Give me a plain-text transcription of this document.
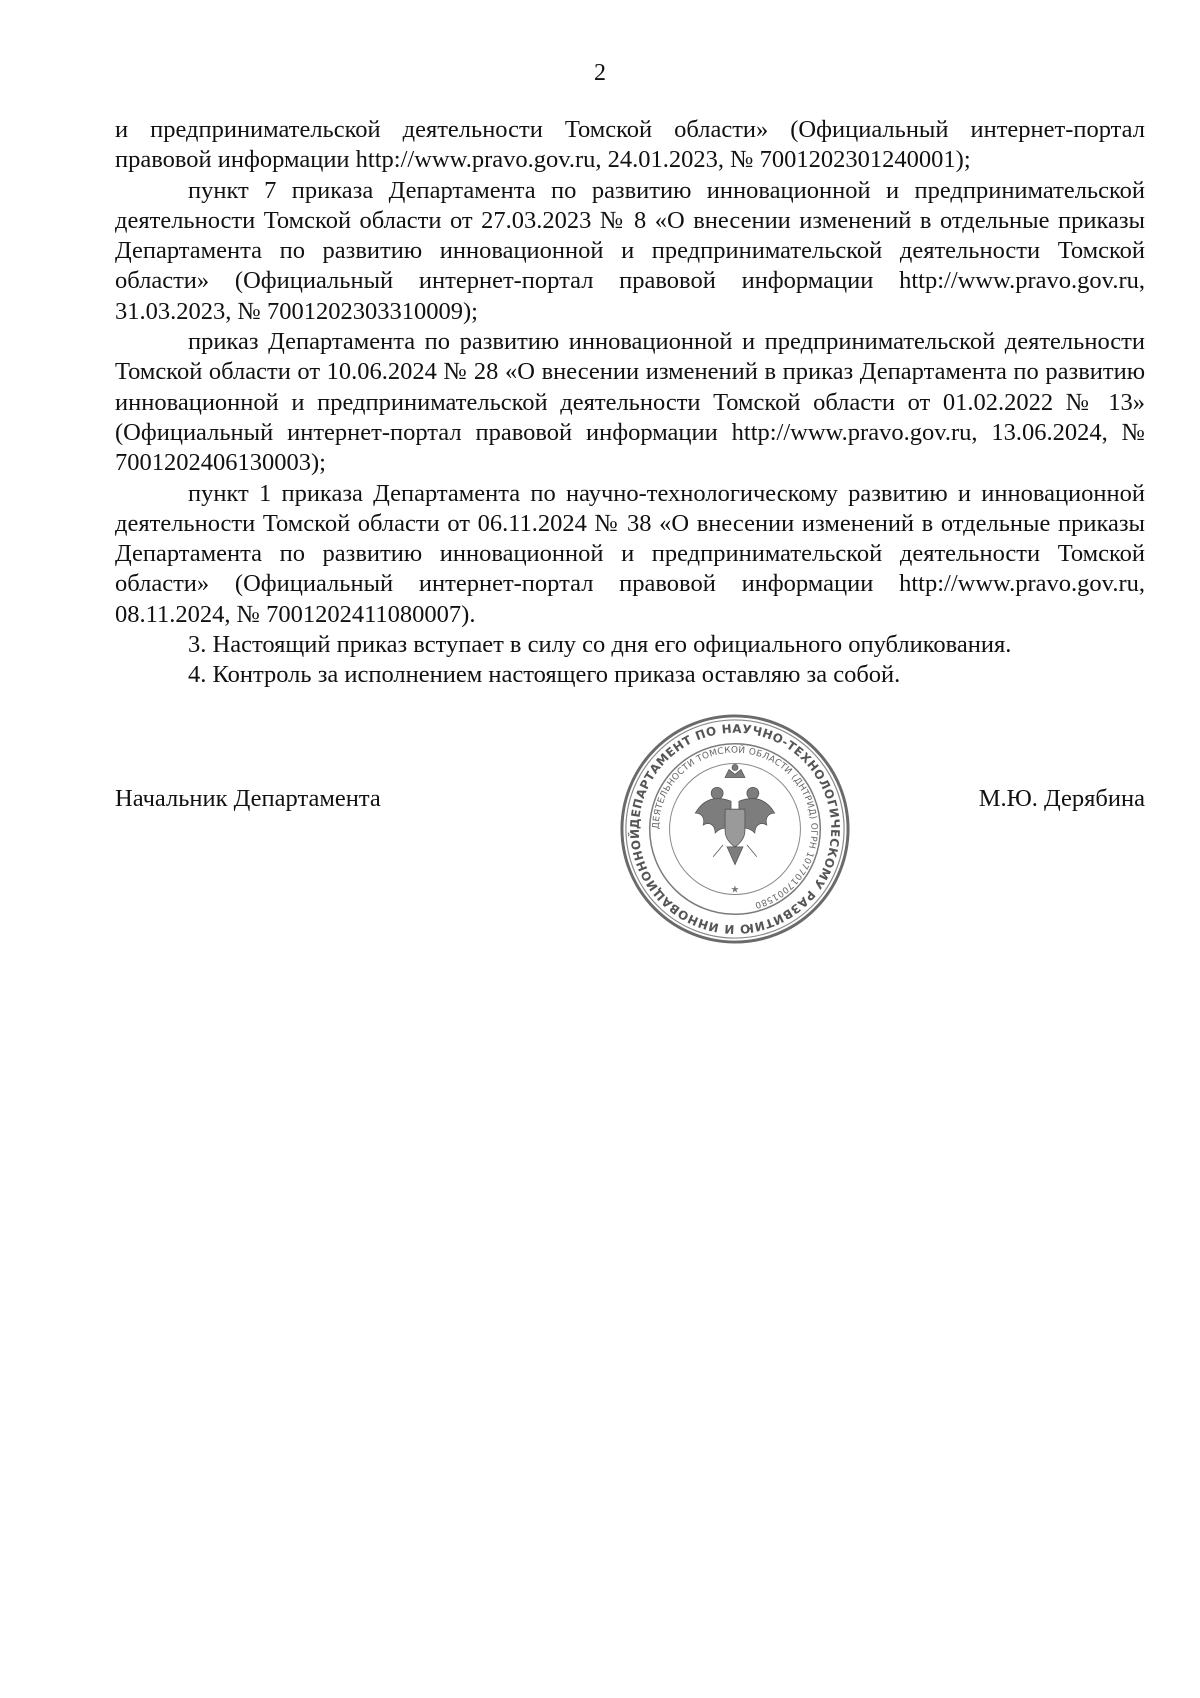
2

и предпринимательской деятельности Томской области» (Официальный интернет-портал правовой информации http://www.pravo.gov.ru, 24.01.2023, № 7001202301240001);

пункт 7 приказа Департамента по развитию инновационной и предпринимательской деятельности Томской области от 27.03.2023 № 8 «О внесении изменений в отдельные приказы Департамента по развитию инновационной и предпринимательской деятельности Томской области» (Официальный интернет-портал правовой информации http://www.pravo.gov.ru, 31.03.2023, № 7001202303310009);

приказ Департамента по развитию инновационной и предпринимательской деятельности Томской области от 10.06.2024 № 28 «О внесении изменений в приказ Департамента по развитию инновационной и предпринимательской деятельности Томской области от 01.02.2022 № 13» (Официальный интернет-портал правовой информации http://www.pravo.gov.ru, 13.06.2024, № 7001202406130003);

пункт 1 приказа Департамента по научно-технологическому развитию и инновационной деятельности Томской области от 06.11.2024 № 38 «О внесении изменений в отдельные приказы Департамента по развитию инновационной и предпринимательской деятельности Томской области» (Официальный интернет-портал правовой информации http://www.pravo.gov.ru, 08.11.2024, № 7001202411080007).

3. Настоящий приказ вступает в силу со дня его официального опубликования.

4. Контроль за исполнением настоящего приказа оставляю за собой.

Начальник Департамента	М.Ю. Дерябина
ДЕПАРТАМЕНТ ПО НАУЧНО-ТЕХНОЛОГИЧЕСКОМУ РАЗВИТИЮ И ИННОВАЦИОННОЙ
ДЕЯТЕЛЬНОСТИ ТОМСКОЙ ОБЛАСТИ (ДНТРИД) ОГРН 1077017001580
★
